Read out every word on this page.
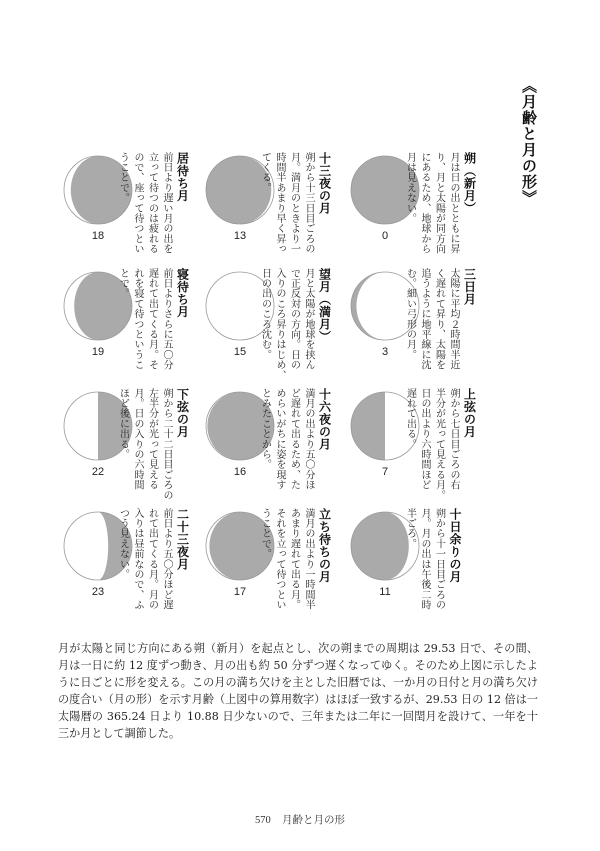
《月齢と月の形》
0
朔（新月）
月は日の出とともに昇
り、月と太陽が同方向
にあるため、地球から
月は見えない。
3
三日月
太陽に平均２時間半近
く遅れて昇り、太陽を
追うように地平線に沈
む。細い弓形の月。
7
上弦の月
朔から七日目ごろの右
半分が光って見える月。
日の出より六時間ほど
遅れて出る。
11
十日余りの月
朔から十一日目ごろの
月。月の出は午後二時
半ごろ。
13
十三夜の月
朔から十三日目ごろの
月。満月のときより一
時間半あまり早く昇っ
てくる。
15
望月（満月）
月と太陽が地球を挟ん
で正反対の方向。日の
入りのころ昇りはじめ、
日の出のころ沈む。
16
十六夜の月
満月の出より五〇分ほ
ど遅れて出るため、た
めらいがちに姿を現す
とみたことから。
17
立ち待ちの月
満月の出より一時間半
あまり遅れて出る月。
それを立って待つとい
うことで。
18
居待ち月
前日より遅い月の出を
立って待つのは疲れる
ので、座って待つとい
うことで。
19
寝待ち月
前日よりさらに五〇分
遅れて出てくる月。そ
れを寝て待つというこ
とで。
22
下弦の月
朔から二十二日目ごろの
左半分が光って見える
月。日の入りの六時間
ほど後に出る。
23
二十三夜月
前日より五〇分ほど遅
れて出てくる月。月の
入りは昼前なので、ふ
つう見えない。
月が太陽と同じ方向にある朔（新月）を起点とし、次の朔までの周期は 29.53 日で、その間、月は一日に約 12 度ずつ動き、月の出も約 50 分ずつ遅くなってゆく。そのため上図に示したように日ごとに形を変える。この月の満ち欠けを主とした旧暦では、一か月の日付と月の満ち欠けの度合い（月の形）を示す月齢（上図中の算用数字）はほぼ一致するが、29.53 日の 12 倍は一太陽暦の 365.24 日より 10.88 日少ないので、三年または二年に一回閏月を設けて、一年を十三か月として調節した。
570 月齢と月の形
